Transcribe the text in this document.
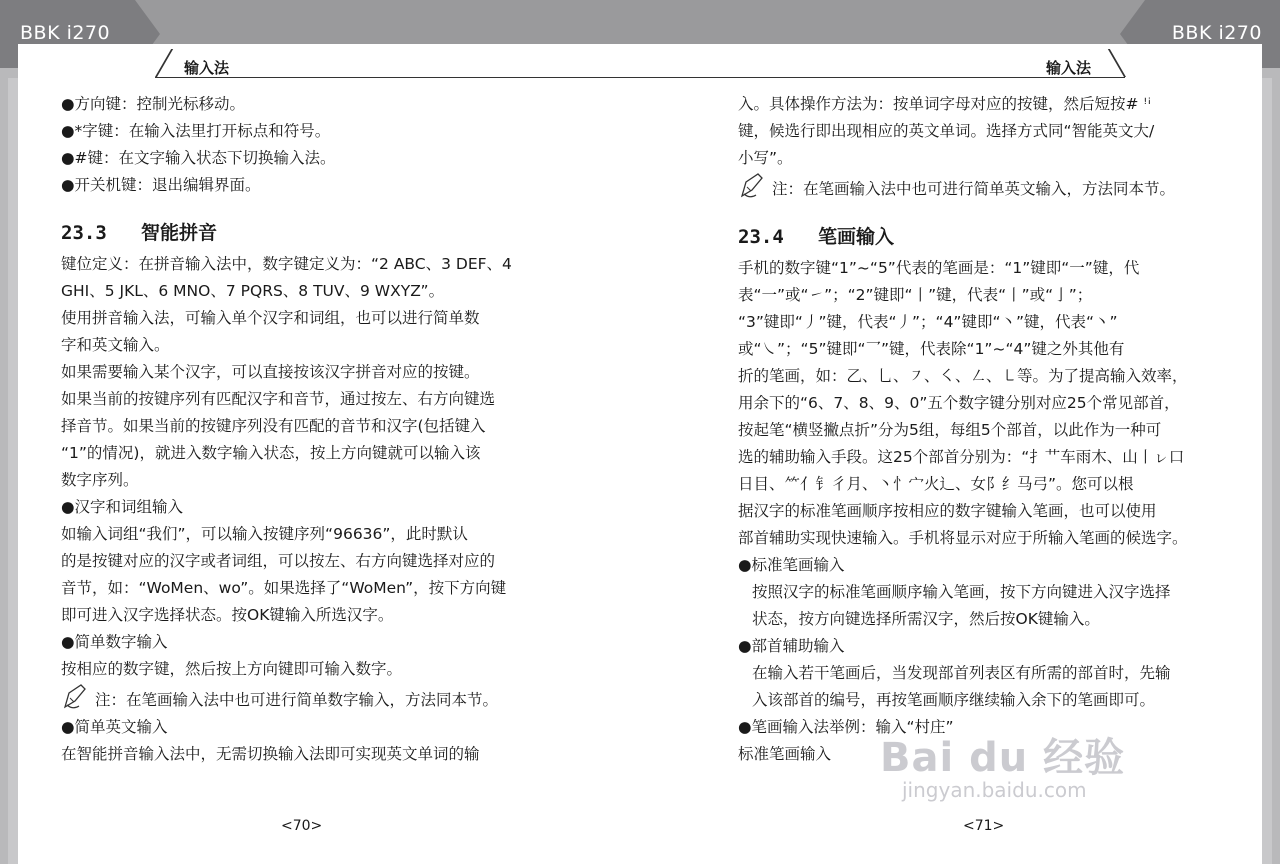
BBK i270	BBK i270
输入法	输入法

●方向键：控制光标移动。

●*字键：在输入法里打开标点和符号。

●#键：在文字输入状态下切换输入法。

●开关机键：退出编辑界面。

23.3 智能拼音

键位定义：在拼音输入法中，数字键定义为：“2 ABC、3 DEF、4

GHI、5 JKL、6 MNO、7 PQRS、8 TUV、9 WXYZ”。

使用拼音输入法，可输入单个汉字和词组，也可以进行简单数

字和英文输入。

如果需要输入某个汉字，可以直接按该汉字拼音对应的按键。

如果当前的按键序列有匹配汉字和音节，通过按左、右方向键选

择音节。如果当前的按键序列没有匹配的音节和汉字(包括键入

“1”的情况)，就进入数字输入状态，按上方向键就可以输入该

数字序列。

●汉字和词组输入

如输入词组“我们”，可以输入按键序列“96636”，此时默认

的是按键对应的汉字或者词组，可以按左、右方向键选择对应的

音节，如：“WoMen、wo”。如果选择了“WoMen”，按下方向键

即可进入汉字选择状态。按OK键输入所选汉字。

●简单数字输入

按相应的数字键，然后按上方向键即可输入数字。

注：在笔画输入法中也可进行简单数字输入，方法同本节。

●简单英文输入

在智能拼音输入法中，无需切换输入法即可实现英文单词的输

入。具体操作方法为：按单词字母对应的按键，然后短按# ꜝꜞ

键，候选行即出现相应的英文单词。选择方式同“智能英文大/

小写”。

注：在笔画输入法中也可进行简单英文输入，方法同本节。

23.4 笔画输入

手机的数字键“1”~“5”代表的笔画是：“1”键即“一”键，代

表“一”或“㇀”；“2”键即“丨”键，代表“丨”或“亅”；

“3”键即“丿”键，代表“丿”；“4”键即“丶”键，代表“丶”

或“㇏”；“5”键即“乛”键，代表除“1”~“4”键之外其他有

折的笔画，如：乙、乚、㇇、㇛、㇜、㇄等。为了提高输入效率，

用余下的“6、7、8、9、0”五个数字键分别对应25个常见部首，

按起笔“横竖撇点折”分为5组，每组5个部首，以此作为一种可

选的辅助输入手段。这25个部首分别为：“扌艹车雨木、山丨ㇾ口

日目、⺮亻钅彳月、丶忄宀火辶、女阝纟马弓”。您可以根

据汉字的标准笔画顺序按相应的数字键输入笔画，也可以使用

部首辅助实现快速输入。手机将显示对应于所输入笔画的候选字。

●标准笔画输入

按照汉字的标准笔画顺序输入笔画，按下方向键进入汉字选择

状态，按方向键选择所需汉字，然后按OK键输入。

●部首辅助输入

在输入若干笔画后，当发现部首列表区有所需的部首时，先输

入该部首的编号，再按笔画顺序继续输入余下的笔画即可。

●笔画输入法举例：输入“村庄”

标准笔画输入

<70>	<71>
Bai du 经验
jingyan.baidu.com
